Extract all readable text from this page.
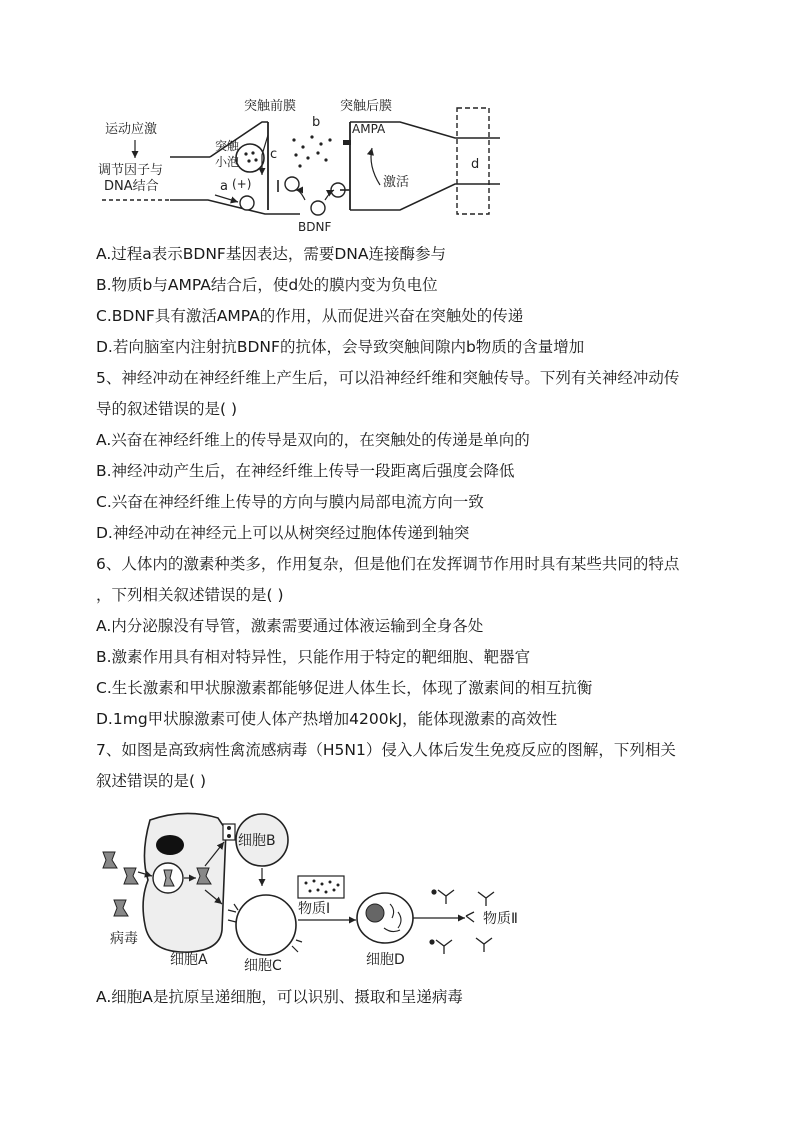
运动应激
调节因子与
DNA结合	a
突触
小泡
(+)
c
b
突触前膜	突触后膜
AMPA
激活
BDNF
d
A.过程a表示BDNF基因表达，需要DNA连接酶参与
B.物质b与AMPA结合后，使d处的膜内变为负电位
C.BDNF具有激活AMPA的作用，从而促进兴奋在突触处的传递
D.若向脑室内注射抗BDNF的抗体，会导致突触间隙内b物质的含量增加
5、神经冲动在神经纤维上产生后，可以沿神经纤维和突触传导。下列有关神经冲动传
导的叙述错误的是( )
A.兴奋在神经纤维上的传导是双向的，在突触处的传递是单向的
B.神经冲动产生后，在神经纤维上传导一段距离后强度会降低
C.兴奋在神经纤维上传导的方向与膜内局部电流方向一致
D.神经冲动在神经元上可以从树突经过胞体传递到轴突
6、人体内的激素种类多，作用复杂，但是他们在发挥调节作用时具有某些共同的特点
，下列相关叙述错误的是( )
A.内分泌腺没有导管，激素需要通过体液运输到全身各处
B.激素作用具有相对特异性，只能作用于特定的靶细胞、靶器官
C.生长激素和甲状腺激素都能够促进人体生长，体现了激素间的相互抗衡
D.1mg甲状腺激素可使人体产热增加4200kJ，能体现激素的高效性
7、如图是高致病性禽流感病毒（H5N1）侵入人体后发生免疫反应的图解，下列相关
叙述错误的是( )
细胞B
物质Ⅰ
物质Ⅱ
病毒
细胞A	细胞C	细胞D
A.细胞A是抗原呈递细胞，可以识别、摄取和呈递病毒
